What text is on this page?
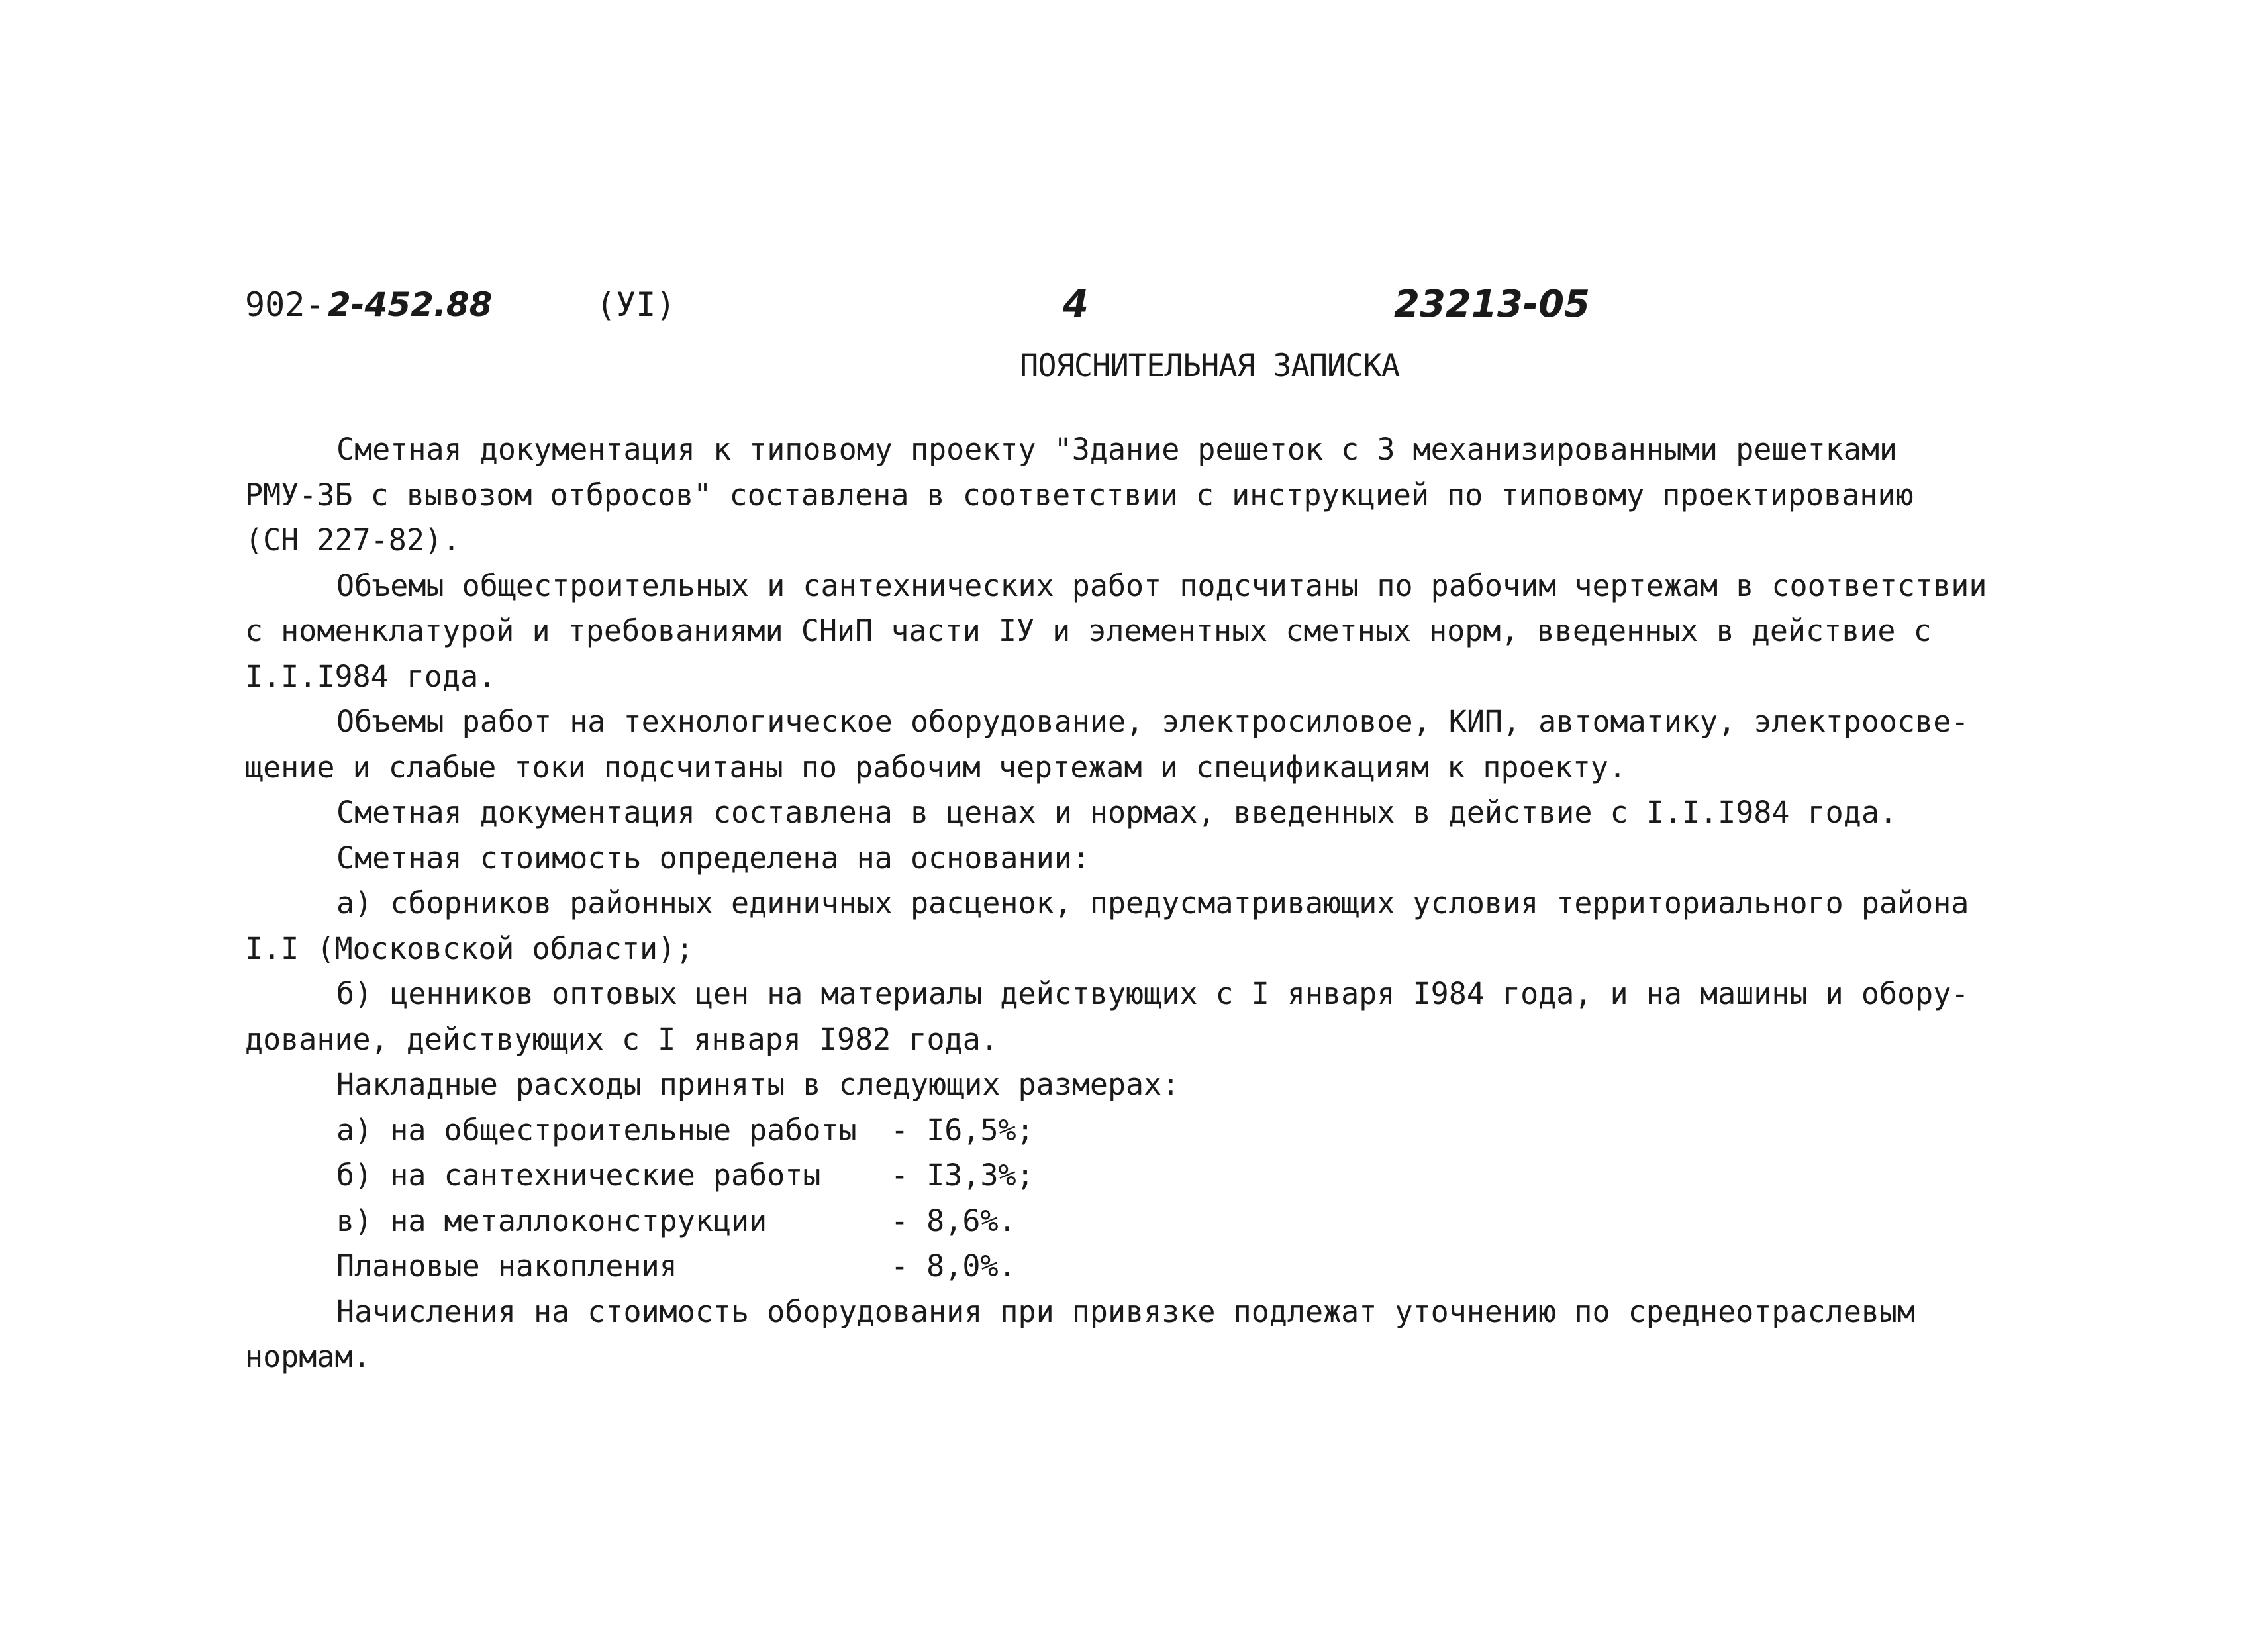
902- 2-452.88	(УI)	4	23213-05
ПОЯСНИТЕЛЬНАЯ ЗАПИСКА
Сметная документация к типовому проекту "Здание решеток с 3 механизированными решетками
РМУ-3Б с вывозом отбросов" составлена в соответствии с инструкцией по типовому проектированию
(СН 227-82).
Объемы общестроительных и сантехнических работ подсчитаны по рабочим чертежам в соответствии
с номенклатурой и требованиями СНиП части IУ и элементных сметных норм, введенных в действие с
I.I.I984 года.
Объемы работ на технологическое оборудование, электросиловое, КИП, автоматику, электроосве-
щение и слабые токи подсчитаны по рабочим чертежам и спецификациям к проекту.
Сметная документация составлена в ценах и нормах, введенных в действие с I.I.I984 года.
Сметная стоимость определена на основании:
а) сборников районных единичных расценок, предусматривающих условия территориального района
I.I (Московской области);
б) ценников оптовых цен на материалы действующих с I января I984 года, и на машины и обору-
дование, действующих с I января I982 года.
Накладные расходы приняты в следующих размерах:
а) на общестроительные работы - I6,5%;
б) на сантехнические работы - I3,3%;
в) на металлоконструкции	- 8,6%.
Плановые накопления	- 8,0%.
Начисления на стоимость оборудования при привязке подлежат уточнению по среднеотраслевым
нормам.
